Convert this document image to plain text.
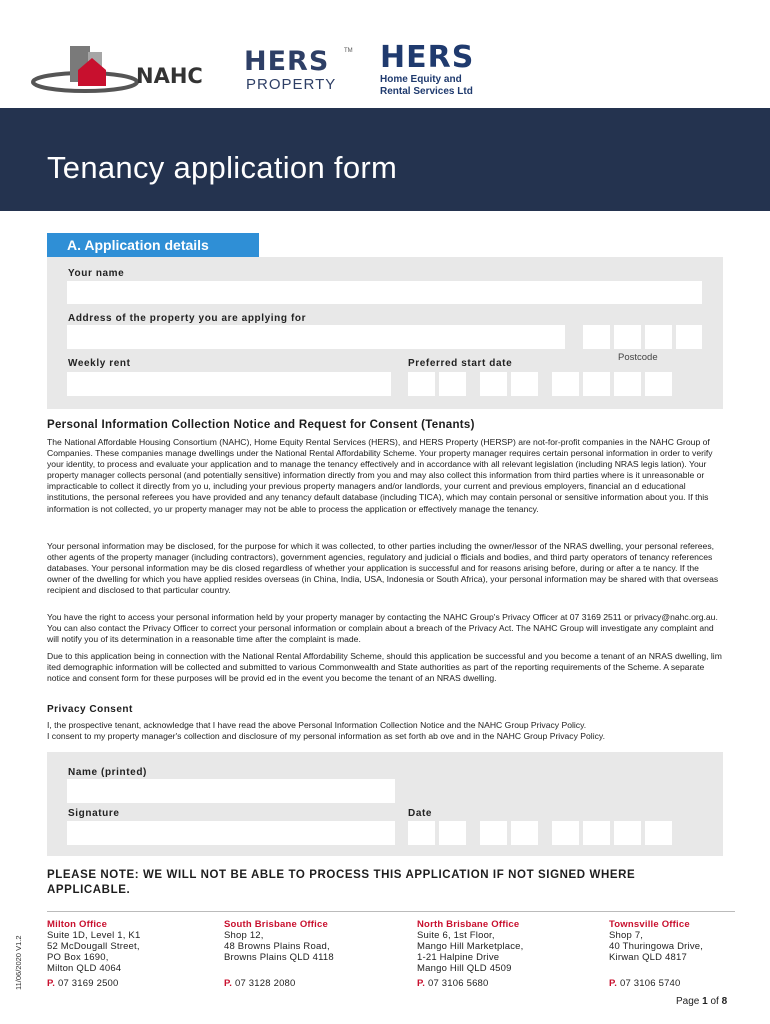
NAHC HERS TM
PROPERTY
HERS
Home Equity and
Rental Services Ltd
Tenancy application form
A. Application details
Your name
Address of the property you are applying for
Postcode
Weekly rent	Preferred start date
Personal Information Collection Notice and Request for Consent (Tenants)

The National Affordable Housing Consortium (NAHC), Home Equity Rental Services (HERS), and HERS Property (HERSP) are not-for-profit companies in the NAHC Group of Companies. These companies manage dwellings under the National Rental Affordability Scheme. Your property manager requires certain personal information in order to verify your identity, to process and evaluate your application and to manage the tenancy effectively and in accordance with all relevant legislation (including NRAS legis lation). Your property manager collects personal (and potentially sensitive) information directly from you and may also collect this information from third parties where is it unreasonable or impracticable to collect it directly from yo u, including your previous property managers and/or landlords, your current and previous employers, financial an d educational institutions, the personal referees you have provided and any tenancy default database (including TICA), which may contain personal or sensitive information about you. If this information is not collected, yo ur property manager may not be able to process the application or effectively manage the tenancy.

Your personal information may be disclosed, for the purpose for which it was collected, to other parties including the owner/lessor of the NRAS dwelling, your personal referees, other agents of the property manager (including contractors), government agencies, regulatory and judicial o fficials and bodies, and third party operators of tenancy references databases. Your personal information may be dis closed regardless of whether your application is successful and for reasons arising before, during or after a te nancy. If the owner of the dwelling for which you have applied resides overseas (in China, India, USA, Indonesia or South Africa), your personal information may be shared with that overseas recipient and disclosed to that particular country.

You have the right to access your personal information held by your property manager by contacting the NAHC Group's Privacy Officer at 07 3169 2511 or privacy@nahc.org.au. You can also contact the Privacy Officer to correct your personal information or complain about a breach of the Privacy Act. The NAHC Group will investigate any complaint and will notify you of its determination in a reasonable time after the complaint is made.

Due to this application being in connection with the National Rental Affordability Scheme, should this application be successful and you become a tenant of an NRAS dwelling, lim ited demographic information will be collected and submitted to various Commonwealth and State authorities as part of the reporting requirements of the Scheme. A separate notice and consent form for these purposes will be provid ed in the event you become the tenant of an NRAS dwelling.

Privacy Consent

I, the prospective tenant, acknowledge that I have read the above Personal Information Collection Notice and the NAHC Group Privacy Policy.

I consent to my property manager's collection and disclosure of my personal information as set forth ab ove and in the NAHC Group Privacy Policy.

Name (printed)
Signature	Date
PLEASE NOTE: WE WILL NOT BE ABLE TO PROCESS THIS APPLICATION IF NOT SIGNED WHERE APPLICABLE.
Milton Office
Suite 1D, Level 1, K1
52 McDougall Street,
PO Box 1690,
Milton QLD 4064
P. 07 3169 2500
South Brisbane Office
Shop 12,
48 Browns Plains Road,
Browns Plains QLD 4118
P. 07 3128 2080
North Brisbane Office
Suite 6, 1st Floor,
Mango Hill Marketplace,
1-21 Halpine Drive
Mango Hill QLD 4509
P. 07 3106 5680
Townsville Office
Shop 7,
40 Thuringowa Drive,
Kirwan QLD 4817
P. 07 3106 5740
11/06/2020 V1.2
Page 1 of 8
